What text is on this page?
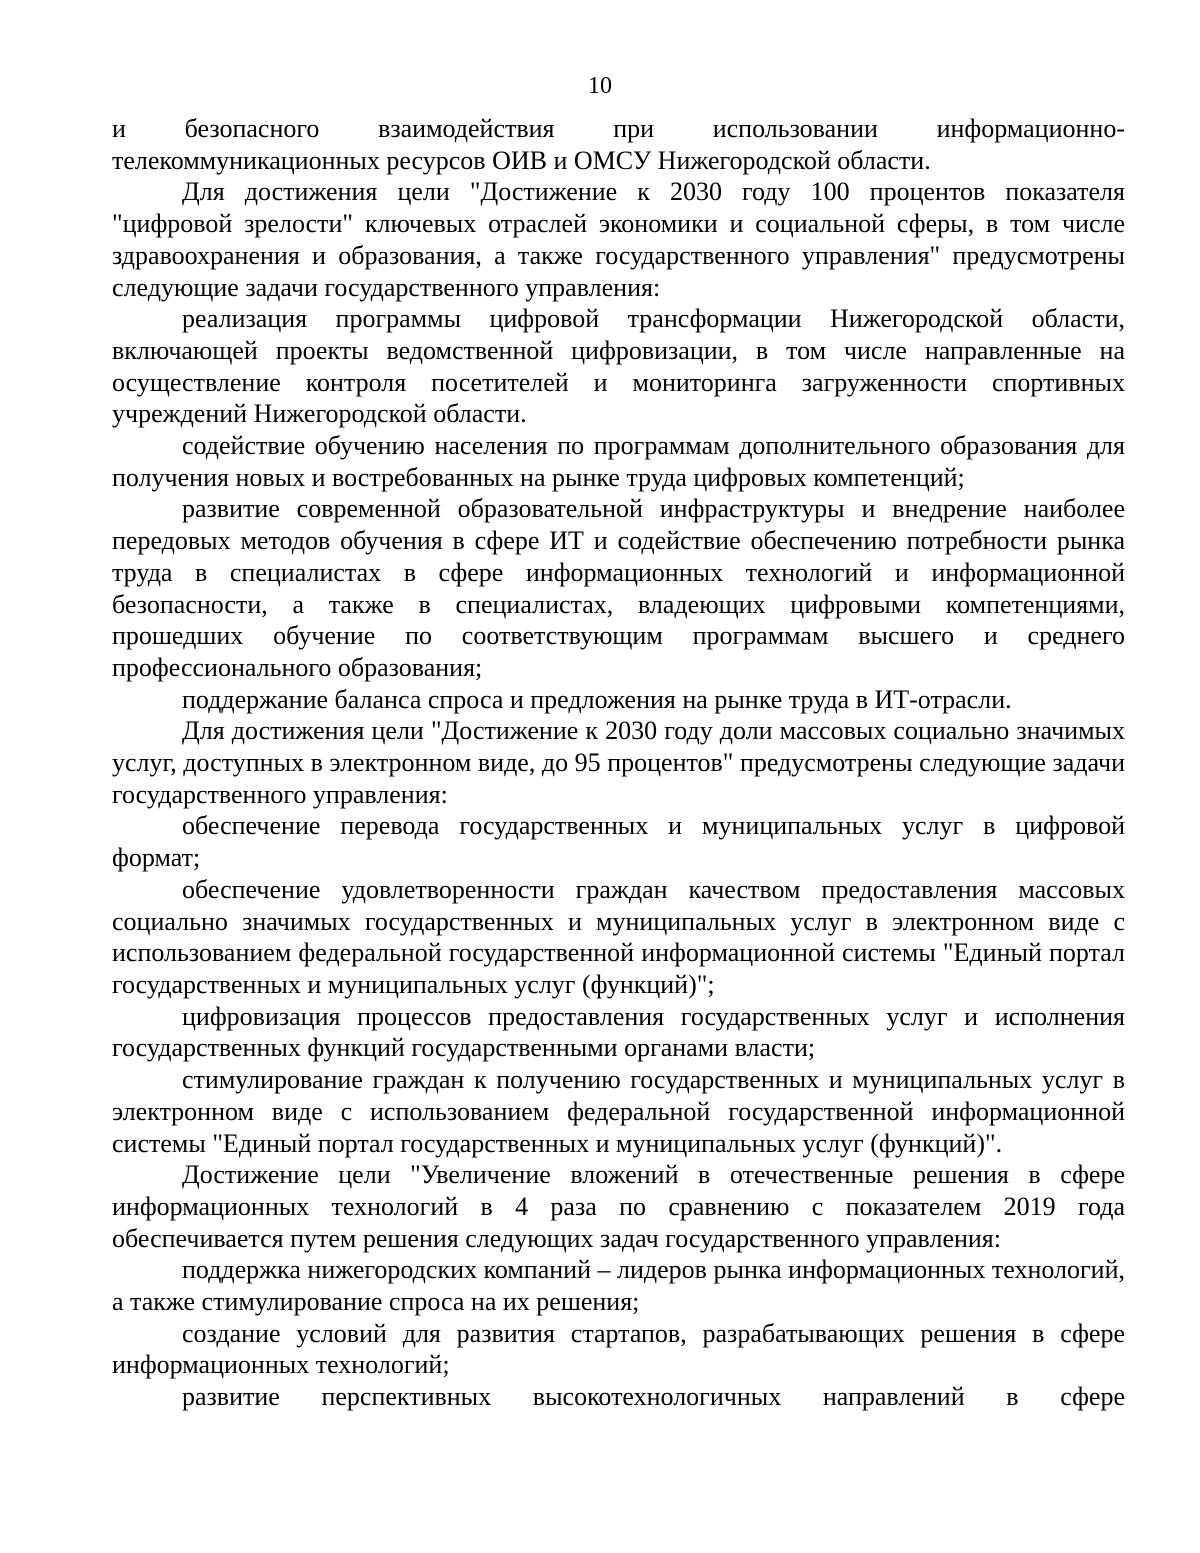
10

и безопасного взаимодействия при использовании информационно-телекоммуникационных ресурсов ОИВ и ОМСУ Нижегородской области.

Для достижения цели "Достижение к 2030 году 100 процентов показателя "цифровой зрелости" ключевых отраслей экономики и социальной сферы, в том числе здравоохранения и образования, а также государственного управления" предусмотрены следующие задачи государственного управления:

реализация программы цифровой трансформации Нижегородской области, включающей проекты ведомственной цифровизации, в том числе направленные на осуществление контроля посетителей и мониторинга загруженности спортивных учреждений Нижегородской области.

содействие обучению населения по программам дополнительного образования для получения новых и востребованных на рынке труда цифровых компетенций;

развитие современной образовательной инфраструктуры и внедрение наиболее передовых методов обучения в сфере ИТ и содействие обеспечению потребности рынка труда в специалистах в сфере информационных технологий и информационной безопасности, а также в специалистах, владеющих цифровыми компетенциями, прошедших обучение по соответствующим программам высшего и среднего профессионального образования;

поддержание баланса спроса и предложения на рынке труда в ИТ-отрасли.

Для достижения цели "Достижение к 2030 году доли массовых социально значимых услуг, доступных в электронном виде, до 95 процентов" предусмотрены следующие задачи государственного управления:

обеспечение перевода государственных и муниципальных услуг в цифровой формат;

обеспечение удовлетворенности граждан качеством предоставления массовых социально значимых государственных и муниципальных услуг в электронном виде с использованием федеральной государственной информационной системы "Единый портал государственных и муниципальных услуг (функций)";

цифровизация процессов предоставления государственных услуг и исполнения государственных функций государственными органами власти;

стимулирование граждан к получению государственных и муниципальных услуг в электронном виде с использованием федеральной государственной информационной системы "Единый портал государственных и муниципальных услуг (функций)".

Достижение цели "Увеличение вложений в отечественные решения в сфере информационных технологий в 4 раза по сравнению с показателем 2019 года обеспечивается путем решения следующих задач государственного управления:

поддержка нижегородских компаний – лидеров рынка информационных технологий, а также стимулирование спроса на их решения;

создание условий для развития стартапов, разрабатывающих решения в сфере информационных технологий;

развитие перспективных высокотехнологичных направлений в сфере
